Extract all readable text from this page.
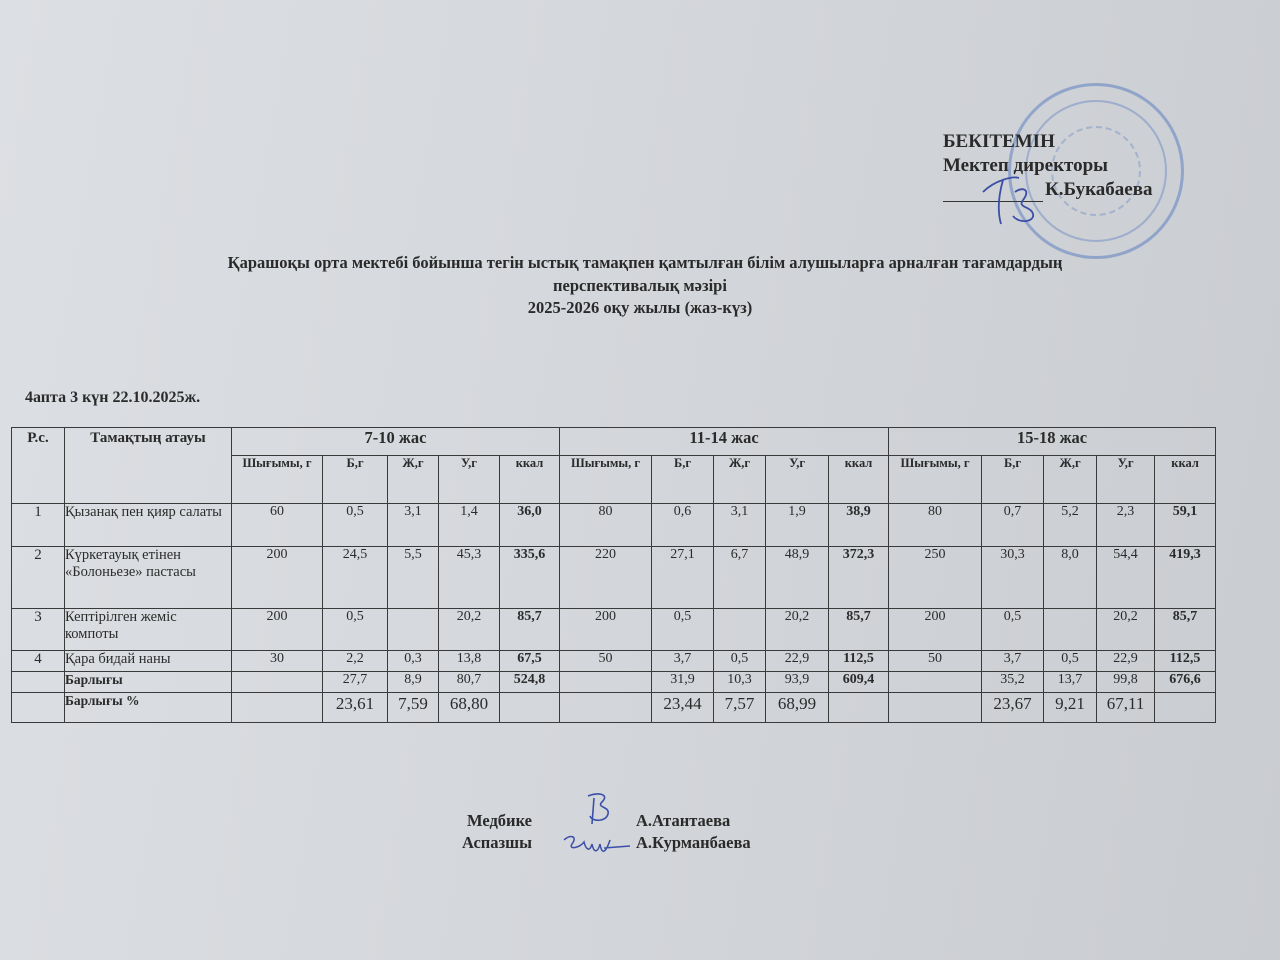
БЕКІТЕМІН
Мектеп директоры
К.Букабаева
Қарашоқы орта мектебі бойынша тегін ыстық тамақпен қамтылған білім алушыларға арналған тағамдардың
перспективалық мәзірі
2025-2026 оқу жылы (жаз-күз)
4апта 3 күн 22.10.2025ж.
Р.с.	Тамақтың атауы	7-10 жас					11-14 жас					15-18 жас				
		Шығымы, г	Б,г	Ж,г	У,г	ккал	Шығымы, г	Б,г	Ж,г	У,г	ккал	Шығымы, г	Б,г	Ж,г	У,г	ккал
1	Қызанақ пен қияр салаты	60	0,5	3,1	1,4	36,0	80	0,6	3,1	1,9	38,9	80	0,7	5,2	2,3	59,1
2	Күркетауық етінен «Болоньезе» пастасы	200	24,5	5,5	45,3	335,6	220	27,1	6,7	48,9	372,3	250	30,3	8,0	54,4	419,3
3	Кептірілген жеміс компоты	200	0,5		20,2	85,7	200	0,5		20,2	85,7	200	0,5		20,2	85,7
4	Қара бидай наны	30	2,2	0,3	13,8	67,5	50	3,7	0,5	22,9	112,5	50	3,7	0,5	22,9	112,5
	Барлығы		27,7	8,9	80,7	524,8		31,9	10,3	93,9	609,4		35,2	13,7	99,8	676,6
	Барлығы %		23,61	7,59	68,80			23,44	7,57	68,99			23,67	9,21	67,11	
Медбике	А.Атантаева
Аспазшы	А.Курманбаева
